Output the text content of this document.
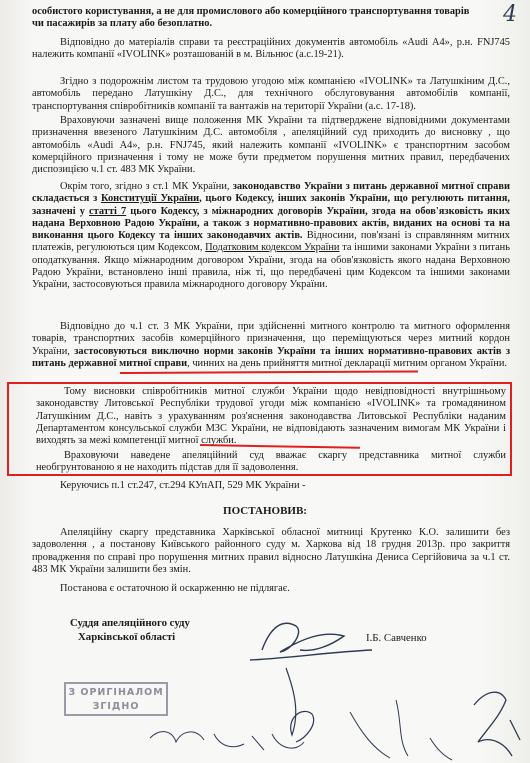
особистого користування, а не для промислового або комерційного транспортування товарів

чи пасажирів за плату або безоплатно.

Відповідно до матеріалів справи та реєстраційних документів автомобіль «Audi A4», р.н. FNJ745 належить компанії «IVOLINK» розташованій в м. Вільнюс (а.с.19-21).

Згідно з подорожнім листом та трудовою угодою між компанією «IVOLINK» та Латушкіним Д.С., автомобіль передано Латушкіну Д.С., для технічного обслуговування автомобілів компанії, транспортування співробітників компанії та вантажів на території України (а.с. 17-18).

Враховуючи зазначені вище положення МК України та підтверджене відповідними документами призначення ввезеного Латушкіним Д.С. автомобіля , апеляційний суд приходить до висновку , що автомобіль «Audi A4», р.н. FNJ745, який належить компанії «IVOLINK» є транспортним засобом комерційного призначення і тому не може бути предметом порушення митних правил, передбачених диспозицією ч.1 ст. 483 МК України.

Окрім того, згідно з ст.1 МК України, законодавство України з питань державної митної справи складається з Конституції України, цього Кодексу, інших законів України, що регулюють питання, зазначені у статті 7 цього Кодексу, з міжнародних договорів України, згода на обов'язковість яких надана Верховною Радою України, а також з нормативно-правових актів, виданих на основі та на виконання цього Кодексу та інших законодавчих актів. Відносини, пов'язані із справлянням митних платежів, регулюються цим Кодексом, Податковим кодексом України та іншими законами України з питань оподаткування. Якщо міжнародним договором України, згода на обов'язковість якого надана Верховною Радою України, встановлено інші правила, ніж ті, що передбачені цим Кодексом та іншими законами України, застосовуються правила міжнародного договору України.

Відповідно до ч.1 ст. 3 МК України, при здійсненні митного контролю та митного оформлення товарів, транспортних засобів комерційного призначення, що переміщуються через митний кордон України, застосовуються виключно норми законів України та інших нормативно-правових актів з питань державної митної справи, чинних на день прийняття митної декларації митним органом України.

Тому висновки співробітників митної служби України щодо невідповідності внутрішньому законодавству Литовської Республіки трудової угоди між компанією «IVOLINK» та громадянином Латушкіним Д.С., навіть з урахуванням роз'яснення законодавства Литовської Республіки наданим Департаментом консульської служби МЗС України, не відповідають зазначеним вимогам МК України і виходять за межі компетенції митної служби.

Враховуючи наведене апеляційний суд вважає скаргу представника митної служби необгрунтованою я не находить підстав для її задоволення.

Керуючись п.1 ст.247, ст.294 КУпАП, 529 МК України -

ПОСТАНОВИВ:

Апеляційну скаргу представника Харківської обласної митниці Крутенко К.О. залишити без задоволення , а постанову Київського районного суду м. Харкова від 18 грудня 2013р. про закриття провадження по справі про порушення митних правил відносно Латушкіна Дениса Сергійовича за ч.1 ст. 483 МК України залишити без змін.

Постанова є остаточною й оскарженню не підлягає.

Суддя апеляційного суду
Харківської області	І.Б. Савченко
З ОРИГІНАЛОМ
ЗГІДНО
4
